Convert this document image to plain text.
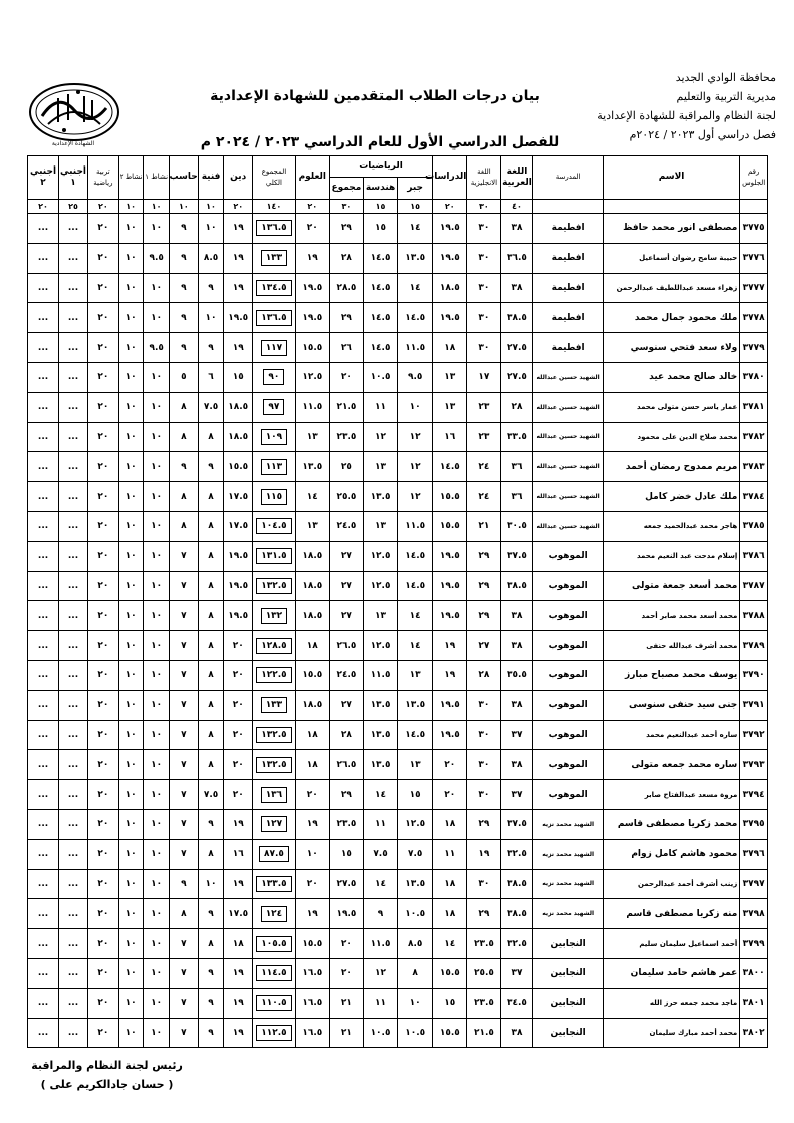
الشهادة الإعدادية
محافظة الوادي الجديد
مديرية التربية والتعليم
لجنة النظام والمراقبة للشهادة الإعدادية
فصل دراسي أول ٢٠٢٣ / ٢٠٢٤م
بيان درجات الطلاب المتقدمين للشهادة الإعدادية
للفصل الدراسي الأول للعام الدراسي ٢٠٢٣ / ٢٠٢٤ م
رقم الجلوس	الاسم	المدرسة	اللغة العربية	اللغة الانجليزية	الدراسات	الرياضيات			العلوم	المجموع الكلي	دين	فنية	حاسب	نشاط ١	نشاط ٢	تربية رياضية	أجنبي ١	أجنبي ٢
						جبر	هندسة	مجموع										
			٤٠	٣٠	٢٠	١٥	١٥	٣٠	٢٠	١٤٠	٢٠	١٠	١٠	١٠	١٠	٢٠	٢٥	٢٠
٣٧٧٥	مصطفى انور محمد حافظ	افطيمة	٣٨	٣٠	١٩.٥	١٤	١٥	٢٩	٢٠	١٣٦.٥	١٩	١٠	٩	١٠	١٠	٢٠	...	...
٣٧٧٦	حبيبة سامح رضوان أسماعيل	افطيمة	٣٦.٥	٣٠	١٩.٥	١٣.٥	١٤.٥	٢٨	١٩	١٣٣	١٩	٨.٥	٩	٩.٥	١٠	٢٠	...	...
٣٧٧٧	زهراء مسعد عبداللطيف عبدالرحمن	افطيمة	٣٨	٣٠	١٨.٥	١٤	١٤.٥	٢٨.٥	١٩.٥	١٣٤.٥	١٩	٩	٩	١٠	١٠	٢٠	...	...
٣٧٧٨	ملك محمود جمال محمد	افطيمة	٣٨.٥	٣٠	١٩.٥	١٤.٥	١٤.٥	٢٩	١٩.٥	١٣٦.٥	١٩.٥	١٠	٩	١٠	١٠	٢٠	...	...
٣٧٧٩	ولاء سعد فتحي سنوسي	افطيمة	٢٧.٥	٣٠	١٨	١١.٥	١٤.٥	٢٦	١٥.٥	١١٧	١٩	٩	٩	٩.٥	١٠	٢٠	...	...
٣٧٨٠	خالد صالح محمد عيد	الشهيد حسين عبدالله	٢٧.٥	١٧	١٣	٩.٥	١٠.٥	٢٠	١٢.٥	٩٠	١٥	٦	٥	١٠	١٠	٢٠	...	...
٣٧٨١	عمار ياسر حسن متولى محمد	الشهيد حسين عبدالله	٢٨	٢٣	١٣	١٠	١١	٢١.٥	١١.٥	٩٧	١٨.٥	٧.٥	٨	١٠	١٠	٢٠	...	...
٣٧٨٢	محمد صلاح الدين على محمود	الشهيد حسين عبدالله	٣٣.٥	٢٣	١٦	١٢	١٢	٢٣.٥	١٣	١٠٩	١٨.٥	٨	٨	١٠	١٠	٢٠	...	...
٣٧٨٣	مريم ممدوح رمضان أحمد	الشهيد حسين عبدالله	٣٦	٢٤	١٤.٥	١٢	١٣	٢٥	١٣.٥	١١٣	١٥.٥	٩	٩	١٠	١٠	٢٠	...	...
٣٧٨٤	ملك عادل خضر كامل	الشهيد حسين عبدالله	٣٦	٢٤	١٥.٥	١٢	١٣.٥	٢٥.٥	١٤	١١٥	١٧.٥	٨	٨	١٠	١٠	٢٠	...	...
٣٧٨٥	هاجر محمد عبدالحميد جمعه	الشهيد حسين عبدالله	٣٠.٥	٢١	١٥.٥	١١.٥	١٣	٢٤.٥	١٣	١٠٤.٥	١٧.٥	٨	٨	١٠	١٠	٢٠	...	...
٣٧٨٦	إسلام مدحت عبد النعيم محمد	الموهوب	٣٧.٥	٢٩	١٩.٥	١٤.٥	١٢.٥	٢٧	١٨.٥	١٣١.٥	١٩.٥	٨	٧	١٠	١٠	٢٠	...	...
٣٧٨٧	محمد أسعد جمعة متولى	الموهوب	٣٨.٥	٢٩	١٩.٥	١٤.٥	١٢.٥	٢٧	١٨.٥	١٣٢.٥	١٩.٥	٨	٧	١٠	١٠	٢٠	...	...
٣٧٨٨	محمد أسعد محمد صابر أحمد	الموهوب	٣٨	٢٩	١٩.٥	١٤	١٣	٢٧	١٨.٥	١٣٢	١٩.٥	٨	٧	١٠	١٠	٢٠	...	...
٣٧٨٩	محمد أشرف عبدالله حنفى	الموهوب	٣٨	٢٧	١٩	١٤	١٢.٥	٢٦.٥	١٨	١٢٨.٥	٢٠	٨	٧	١٠	١٠	٢٠	...	...
٣٧٩٠	يوسف محمد مصباح مبارز	الموهوب	٣٥.٥	٢٨	١٩	١٣	١١.٥	٢٤.٥	١٥.٥	١٢٢.٥	٢٠	٨	٧	١٠	١٠	٢٠	...	...
٣٧٩١	جنى سيد حنفى سنوسى	الموهوب	٣٨	٣٠	١٩.٥	١٣.٥	١٣.٥	٢٧	١٨.٥	١٣٣	٢٠	٨	٧	١٠	١٠	٢٠	...	...
٣٧٩٢	ساره أحمد عبدالنعيم محمد	الموهوب	٣٧	٣٠	١٩.٥	١٤.٥	١٣.٥	٢٨	١٨	١٣٢.٥	٢٠	٨	٧	١٠	١٠	٢٠	...	...
٣٧٩٣	ساره محمد جمعه متولى	الموهوب	٣٨	٣٠	٢٠	١٣	١٣.٥	٢٦.٥	١٨	١٣٢.٥	٢٠	٨	٧	١٠	١٠	٢٠	...	...
٣٧٩٤	مروة مسعد عبدالفتاح صابر	الموهوب	٣٧	٣٠	٢٠	١٥	١٤	٢٩	٢٠	١٣٦	٢٠	٧.٥	٧	١٠	١٠	٢٠	...	...
٣٧٩٥	محمد زكريا مصطفى قاسم	الشهيد محمد نزيه	٣٧.٥	٢٩	١٨	١٢.٥	١١	٢٣.٥	١٩	١٢٧	١٩	٩	٧	١٠	١٠	٢٠	...	...
٣٧٩٦	محمود هاشم كامل زوام	الشهيد محمد نزيه	٣٢.٥	١٩	١١	٧.٥	٧.٥	١٥	١٠	٨٧.٥	١٦	٨	٧	١٠	١٠	٢٠	...	...
٣٧٩٧	زينب أشرف أحمد عبدالرحمن	الشهيد محمد نزيه	٣٨.٥	٣٠	١٨	١٣.٥	١٤	٢٧.٥	٢٠	١٣٣.٥	١٩	١٠	٩	١٠	١٠	٢٠	...	...
٣٧٩٨	منه زكريا مصطفى قاسم	الشهيد محمد نزيه	٣٨.٥	٢٩	١٨	١٠.٥	٩	١٩.٥	١٩	١٢٤	١٧.٥	٩	٨	١٠	١٠	٢٠	...	...
٣٧٩٩	أحمد اسماعيل سليمان سليم	النجابين	٣٢.٥	٢٣.٥	١٤	٨.٥	١١.٥	٢٠	١٥.٥	١٠٥.٥	١٨	٨	٧	١٠	١٠	٢٠	...	...
٣٨٠٠	عمر هاشم حامد سليمان	النجابين	٣٧	٢٥.٥	١٥.٥	٨	١٢	٢٠	١٦.٥	١١٤.٥	١٩	٩	٧	١٠	١٠	٢٠	...	...
٣٨٠١	ماجد محمد جمعه حرز الله	النجابين	٣٤.٥	٢٣.٥	١٥	١٠	١١	٢١	١٦.٥	١١٠.٥	١٩	٩	٧	١٠	١٠	٢٠	...	...
٣٨٠٢	محمد أحمد مبارك سليمان	النجابين	٣٨	٢١.٥	١٥.٥	١٠.٥	١٠.٥	٢١	١٦.٥	١١٢.٥	١٩	٩	٧	١٠	١٠	٢٠	...	...
رئيس لجنة النظام والمراقبة
( حسان جادالكريم على )
